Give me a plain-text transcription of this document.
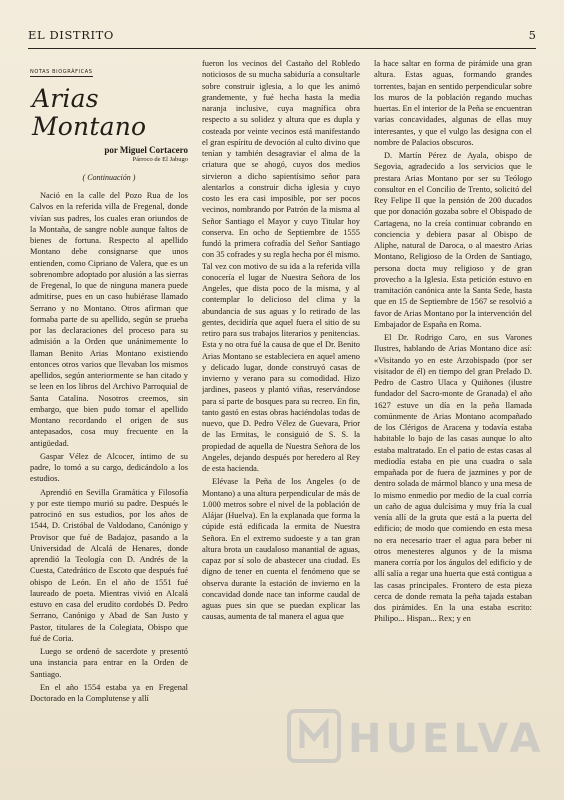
EL DISTRITO	5
NOTAS BIOGRÁFICAS
Arias Montano
por Miguel Cortacero
Párroco de El Jabugo
( Continuación )

Nació en la calle del Pozo Rua de los Calvos en la referida villa de Fregenal, donde vivían sus padres, los cuales eran oriundos de la Montaña, de sangre noble aunque faltos de bienes de fortuna. Respecto al apellido Montano debe consignarse que unos entienden, como Cipriano de Valera, que es un sobrenombre adoptado por alusión a las sierras de Fregenal, lo que de ninguna manera puede admitirse, pues en un caso hubiérase llamado Serrano y no Montano. Otros afirman que formaba parte de su apellido, según se prueba por las declaraciones del proceso para su admisión a la Orden que unánimemente lo llaman Benito Arias Montano existiendo entonces otros varios que llevaban los mismos apellidos, según anteriormente se han citado y se leen en los libros del Archivo Parroquial de Santa Catalina. Nosotros creemos, sin embargo, que bien pudo tomar el apellido Montano recordando el origen de sus antepasados, cosa muy frecuente en la antigüedad.

Gaspar Vélez de Alcocer, íntimo de su padre, lo tomó a su cargo, dedicándolo a los estudios.

Aprendió en Sevilla Gramática y Filosofía y por este tiempo murió su padre. Después le patrocinó en sus estudios, por los años de 1544, D. Cristóbal de Valdodano, Canónigo y Provisor que fué de Badajoz, pasando a la Universidad de Alcalá de Henares, donde aprendió la Teología con D. Andrés de la Cuesta, Catedrático de Escoto que después fué obispo de León. En el año de 1551 fué laureado de poeta. Mientras vivió en Alcalá estuvo en casa del erudito cordobés D. Pedro Serrano, Canónigo y Abad de San Justo y Pastor, titulares de la Colegiata, Obispo que fué de Coria.

Luego se ordenó de sacerdote y presentó una instancia para entrar en la Orden de Santiago.

En el año 1554 estaba ya en Fregenal Doctorado en la Complutense y allí

fueron los vecinos del Castaño del Robledo noticiosos de su mucha sabiduría a consultarle sobre construir iglesia, a lo que les animó grandemente, y fué hecha hasta la media naranja inclusive, cuya magnífica obra respecto a su solidez y altura que es dupla y costeada por veinte vecinos está manifestando el gran espíritu de devoción al culto divino que tenían y también desagraviar el alma de la criatura que se ahogó, cuyos dos medios sirvieron a dicho sapientísimo señor para alentarlos a construir dicha iglesia y cuyo costo les era casi imposible, por ser pocos vecinos, nombrando por Patrón de la misma al Señor Santiago el Mayor y cuyo Titular hoy conserva. En ocho de Septiembre de 1555 fundó la primera cofradía del Señor Santiago con 35 cofrades y su regla hecha por él mismo. Tal vez con motivo de su ida a la referida villa conocería el lugar de Nuestra Señora de los Angeles, que dista poco de la misma, y al contemplar lo delicioso del clima y la abundancia de sus aguas y lo retirado de las gentes, decidiría que aquel fuera el sitio de su retiro para sus trabajos literarios y penitencias. Esta y no otra fué la causa de que el Dr. Benito Arias Montano se estableciera en aquel ameno y delicado lugar, donde construyó casas de invierno y verano para su comodidad. Hizo jardines, paseos y plantó viñas, reservándose para sí parte de bosques para su recreo. En fin, tanto gastó en estas obras haciéndolas todas de nuevo, que D. Pedro Vélez de Guevara, Prior de las Ermitas, le consiguió de S. S. la propiedad de aquella de Nuestra Señora de los Angeles, dejando después por heredero al Rey de esta hacienda.

Elévase la Peña de los Angeles (o de Montano) a una altura perpendicular de más de 1.000 metros sobre el nivel de la población de Alájar (Huelva). En la explanada que forma la cúpide está edificada la ermita de Nuestra Señora. En el extremo sudoeste y a tan gran altura brota un caudaloso manantial de aguas, capaz por sí solo de abastecer una ciudad. Es digno de tener en cuenta el fenómeno que se observa durante la estación de invierno en la concavidad donde nace tan informe caudal de aguas pues sin que se puedan explicar las causas, aumenta de tal manera el agua que

la hace saltar en forma de pirámide una gran altura. Estas aguas, formando grandes torrentes, bajan en sentido perpendicular sobre los muros de la población regando muchas huertas. En el interior de la Peña se encuentran varias concavidades, algunas de ellas muy interesantes, y que el vulgo las designa con el nombre de Palacios obscuros.

D. Martín Pérez de Ayala, obispo de Segovia, agradecido a los servicios que le prestara Arias Montano por ser su Teólogo consultor en el Concilio de Trento, solicitó del Rey Felipe II que la pensión de 200 ducados que por donación gozaba sobre el Obispado de Cartagena, no la creía continuar cobrando en conciencia y debiera pasar al Obispo de Aliphe, natural de Daroca, o al maestro Arias Montano, Religioso de la Orden de Santiago, persona docta muy religioso y de gran provecho a la Iglesia. Esta petición estuvo en tramitación canónica ante la Santa Sede, hasta que en 15 de Septiembre de 1567 se resolvió a favor de Arias Montano por la intervención del Embajador de España en Roma.

El Dr. Rodrigo Caro, en sus Varones Ilustres, hablando de Arias Montano dice así: «Visitando yo en este Arzobispado (por ser visitador de él) en tiempo del gran Prelado D. Pedro de Castro Ulaca y Quiñones (ilustre fundador del Sacro-monte de Granada) el año 1627 estuve un día en la peña llamada comúnmente de Arias Montano acompañado de los Clérigos de Aracena y todavía estaba habitable lo bajo de las casas aunque lo alto estaba maltratado. En el patio de estas casas al mediodía estaba en pie una cuadra o sala empañada por de fuera de jazmines y por de dentro solada de mármol blanco y una mesa de lo mismo enmedio por medio de la cual corría un caño de agua dulcísima y muy fría la cual venía allí de la gruta que está a la puerta del edificio; de modo que comiendo en esta mesa no era necesario traer el agua para beber ni otros menesteres algunos y de la misma manera corría por los ángulos del edificio y de allí salía a regar una huerta que está contigua a las casas principales. Frontero de esta pieza cerca de donde remata la peña tajada estaban dos pirámides. En la una estaba escrito: Philipo... Hispan... Rex; y en

HUELVA
